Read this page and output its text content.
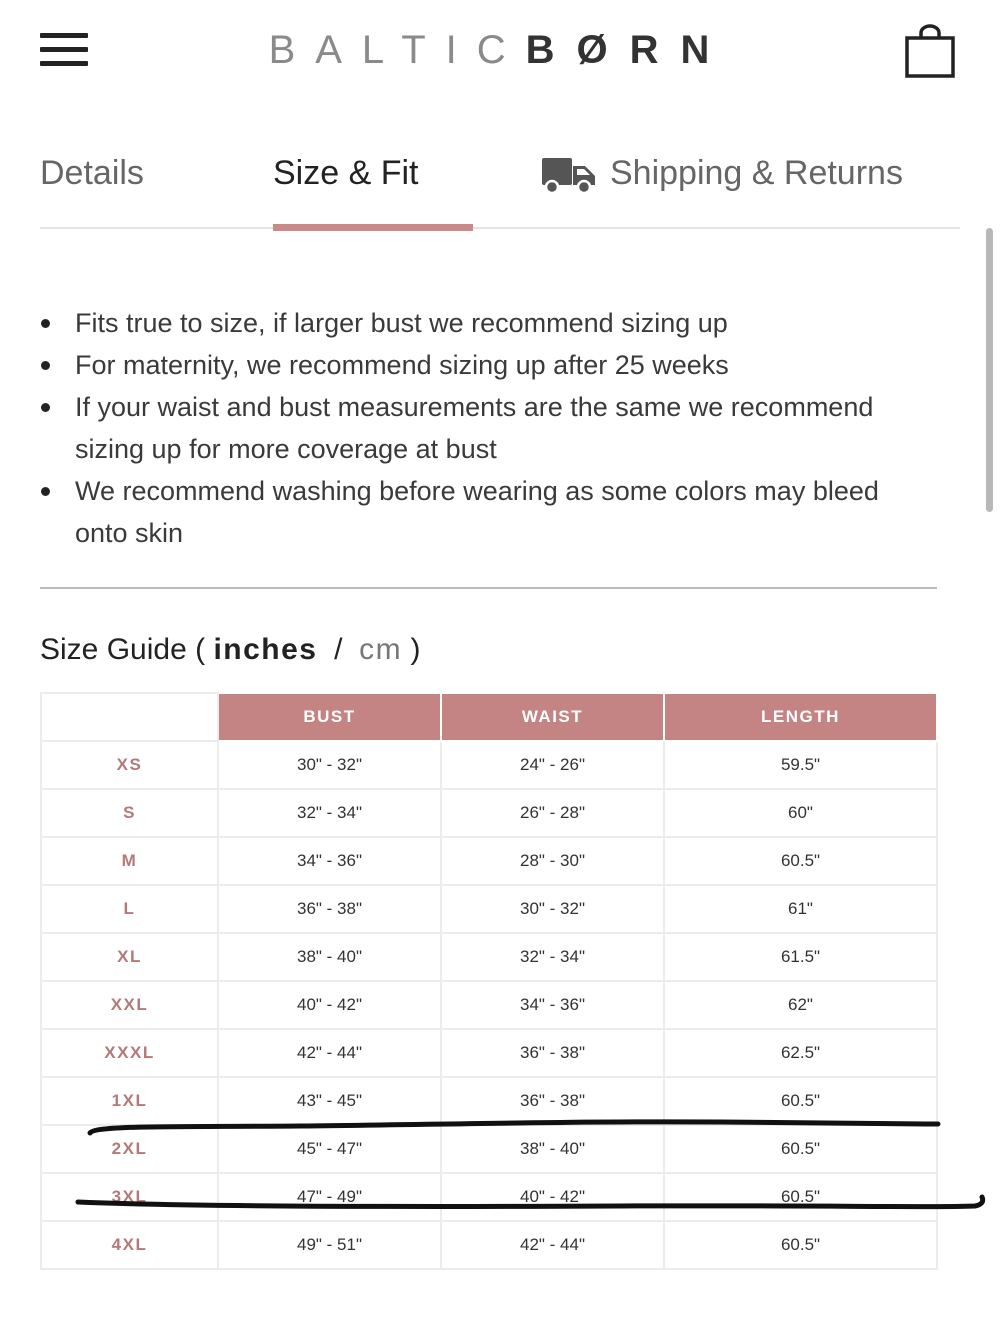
BALTICBØRN
Details	Size & Fit	Shipping & Returns
Fits true to size, if larger bust we recommend sizing up
For maternity, we recommend sizing up after 25 weeks
If your waist and bust measurements are the same we recommend sizing up for more coverage at bust
We recommend washing before wearing as some colors may bleed onto skin
Size Guide ( inches / cm )
	BUST	WAIST	LENGTH
XS	30" - 32"	24" - 26"	59.5"
S	32" - 34"	26" - 28"	60"
M	34" - 36"	28" - 30"	60.5"
L	36" - 38"	30" - 32"	61"
XL	38" - 40"	32" - 34"	61.5"
XXL	40" - 42"	34" - 36"	62"
XXXL	42" - 44"	36" - 38"	62.5"
1XL	43" - 45"	36" - 38"	60.5"
2XL	45" - 47"	38" - 40"	60.5"
3XL	47" - 49"	40" - 42"	60.5"
4XL	49" - 51"	42" - 44"	60.5"
